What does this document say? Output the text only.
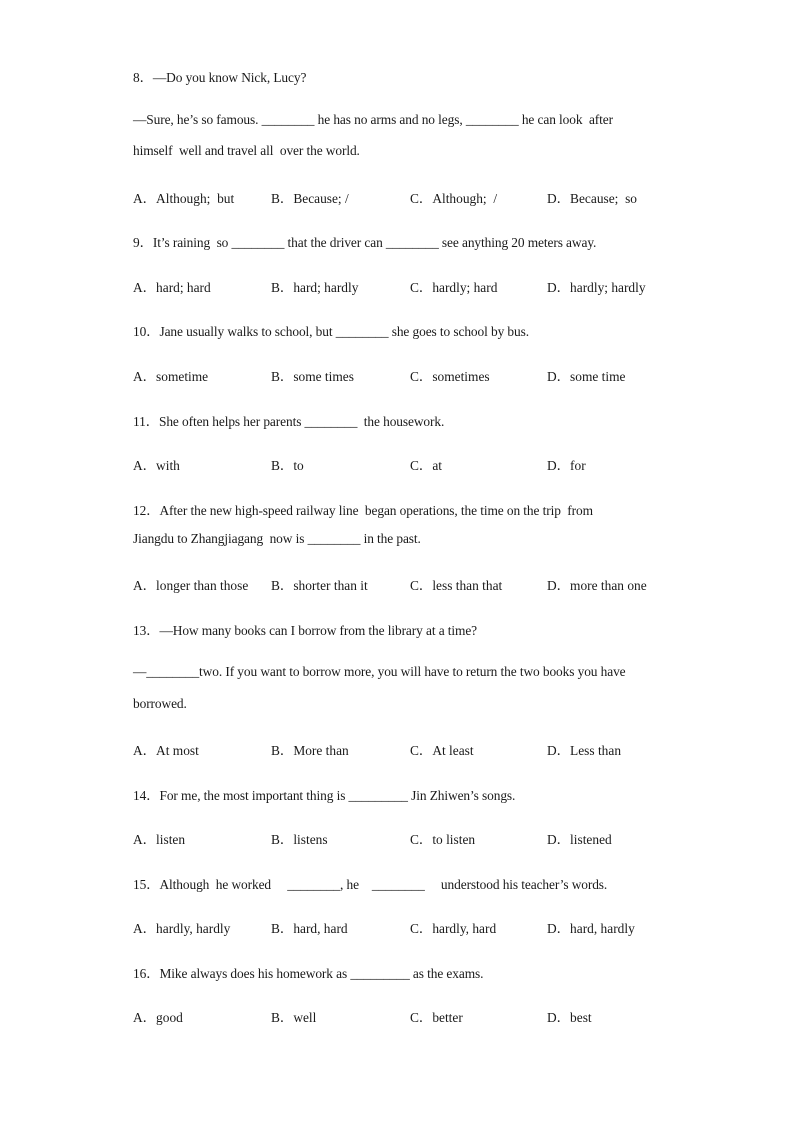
8．—Do you know Nick, Lucy?
—Sure, he’s so famous. ________ he has no arms and no legs, ________ he can look  after
himself  well and travel all  over the world.
A．Although;  but	B．Because; /	C．Although;  /	D．Because;  so
9．It’s raining  so ________ that the driver can ________ see anything 20 meters away.
A．hard; hard	B．hard; hardly	C．hardly; hard	D．hardly; hardly
10．Jane usually walks to school, but ________ she goes to school by bus.
A．sometime	B．some times	C．sometimes	D．some time
11．She often helps her parents ________  the housework.
A．with	B．to	C．at	D．for
12．After the new high-speed railway line  began operations, the time on the trip  from
Jiangdu to Zhangjiagang  now is ________ in the past.
A．longer than those B．shorter than it	C．less than that	D．more than one
13．—How many books can I borrow from the library at a time?
—________two. If you want to borrow more, you will have to return the two books you have
borrowed.
A．At most	B．More than	C．At least	D．Less than
14．For me, the most important thing is _________ Jin Zhiwen’s songs.
A．listen	B．listens	C．to listen	D．listened
15．Although  he worked     ________, he    ________     understood his teacher’s words.
A．hardly, hardly	B．hard, hard	C．hardly, hard	D．hard, hardly
16．Mike always does his homework as _________ as the exams.
A．good	B．well	C．better	D．best
